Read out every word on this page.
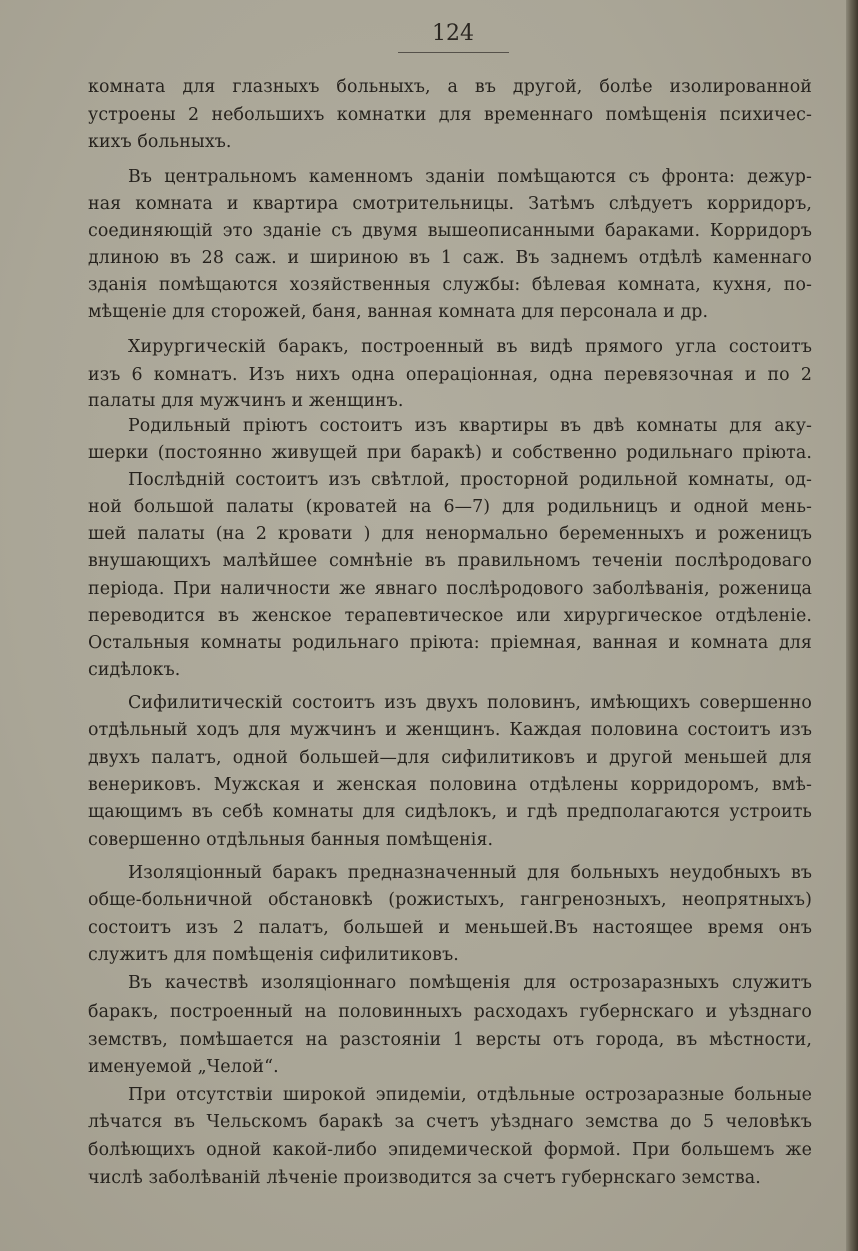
124
комната для глазныхъ больныхъ, а въ другой, болѣе изолированной
устроены 2 небольшихъ комнатки для временнаго помѣщенія психичес-
кихъ больныхъ.
Въ центральномъ каменномъ зданіи помѣщаются съ фронта: дежур-
ная комната и квартира смотрительницы. Затѣмъ слѣдуетъ корридоръ,
соединяющій это зданіе съ двумя вышеописанными бараками. Корридоръ
длиною въ 28 саж. и шириною въ 1 саж. Въ заднемъ отдѣлѣ каменнаго
зданія помѣщаются хозяйственныя службы: бѣлевая комната, кухня, по-
мѣщеніе для сторожей, баня, ванная комната для персонала и др.
Хирургическій баракъ, построенный въ видѣ прямого угла состоитъ
изъ 6 комнатъ. Изъ нихъ одна операціонная, одна перевязочная и по 2
палаты для мужчинъ и женщинъ.
Родильный пріютъ состоитъ изъ квартиры въ двѣ комнаты для аку-
шерки (постоянно живущей при баракѣ) и собственно родильнаго пріюта.
Послѣдній состоитъ изъ свѣтлой, просторной родильной комнаты, од-
ной большой палаты (кроватей на 6—7) для родильницъ и одной мень-
шей палаты (на 2 кровати ) для ненормально беременныхъ и рожен‍ицъ
внушающихъ малѣйшее сомнѣніе въ правильномъ теченіи послѣродоваго
періода. При наличности же явнаго послѣродового заболѣванія, роженица
переводится въ женское терапевтическое или хирургическое отдѣленіе.
Остальныя комнаты родильнаго пріюта: пріемная, ванная и комната для
сидѣлокъ.
Сифилитическій состоитъ изъ двухъ половинъ, имѣющихъ совершенно
отдѣльный ходъ для мужчинъ и женщинъ. Каждая половина состоитъ изъ
двухъ палатъ, одной большей—для сифилитиковъ и другой меньшей для
венериковъ. Мужская и женская половина отдѣлены корридоромъ, вмѣ-
щающимъ въ себѣ комнаты для сидѣлокъ, и гдѣ предполагаются устроить
совершенно отдѣльныя банныя помѣщенія.
Изоляціонный баракъ предназначенный для больныхъ неудобныхъ въ
обще-больничной обстановкѣ (рожистыхъ, гангренозныхъ, неопрятныхъ)
состоитъ изъ 2 палатъ, большей и меньшей.Въ настоящее время онъ
служитъ для помѣщенія сифилитиковъ.
Въ качествѣ изоляціоннаго помѣщенія для острозаразныхъ служитъ
баракъ, построенный на половинныхъ расходахъ губернскаго и уѣзднаго
земствъ, помѣшается на разстояніи 1 версты отъ города, въ мѣстности,
именуемой „Челой“.
При отсутствіи широкой эпидеміи, отдѣльные острозаразные больные
лѣчатся въ Чельскомъ баракѣ за счетъ уѣзднаго земства до 5 человѣкъ
болѣющихъ одной какой-либо эпидемической формой. При большемъ же
числѣ заболѣваній лѣченіе производится за счетъ губернскаго земства.
